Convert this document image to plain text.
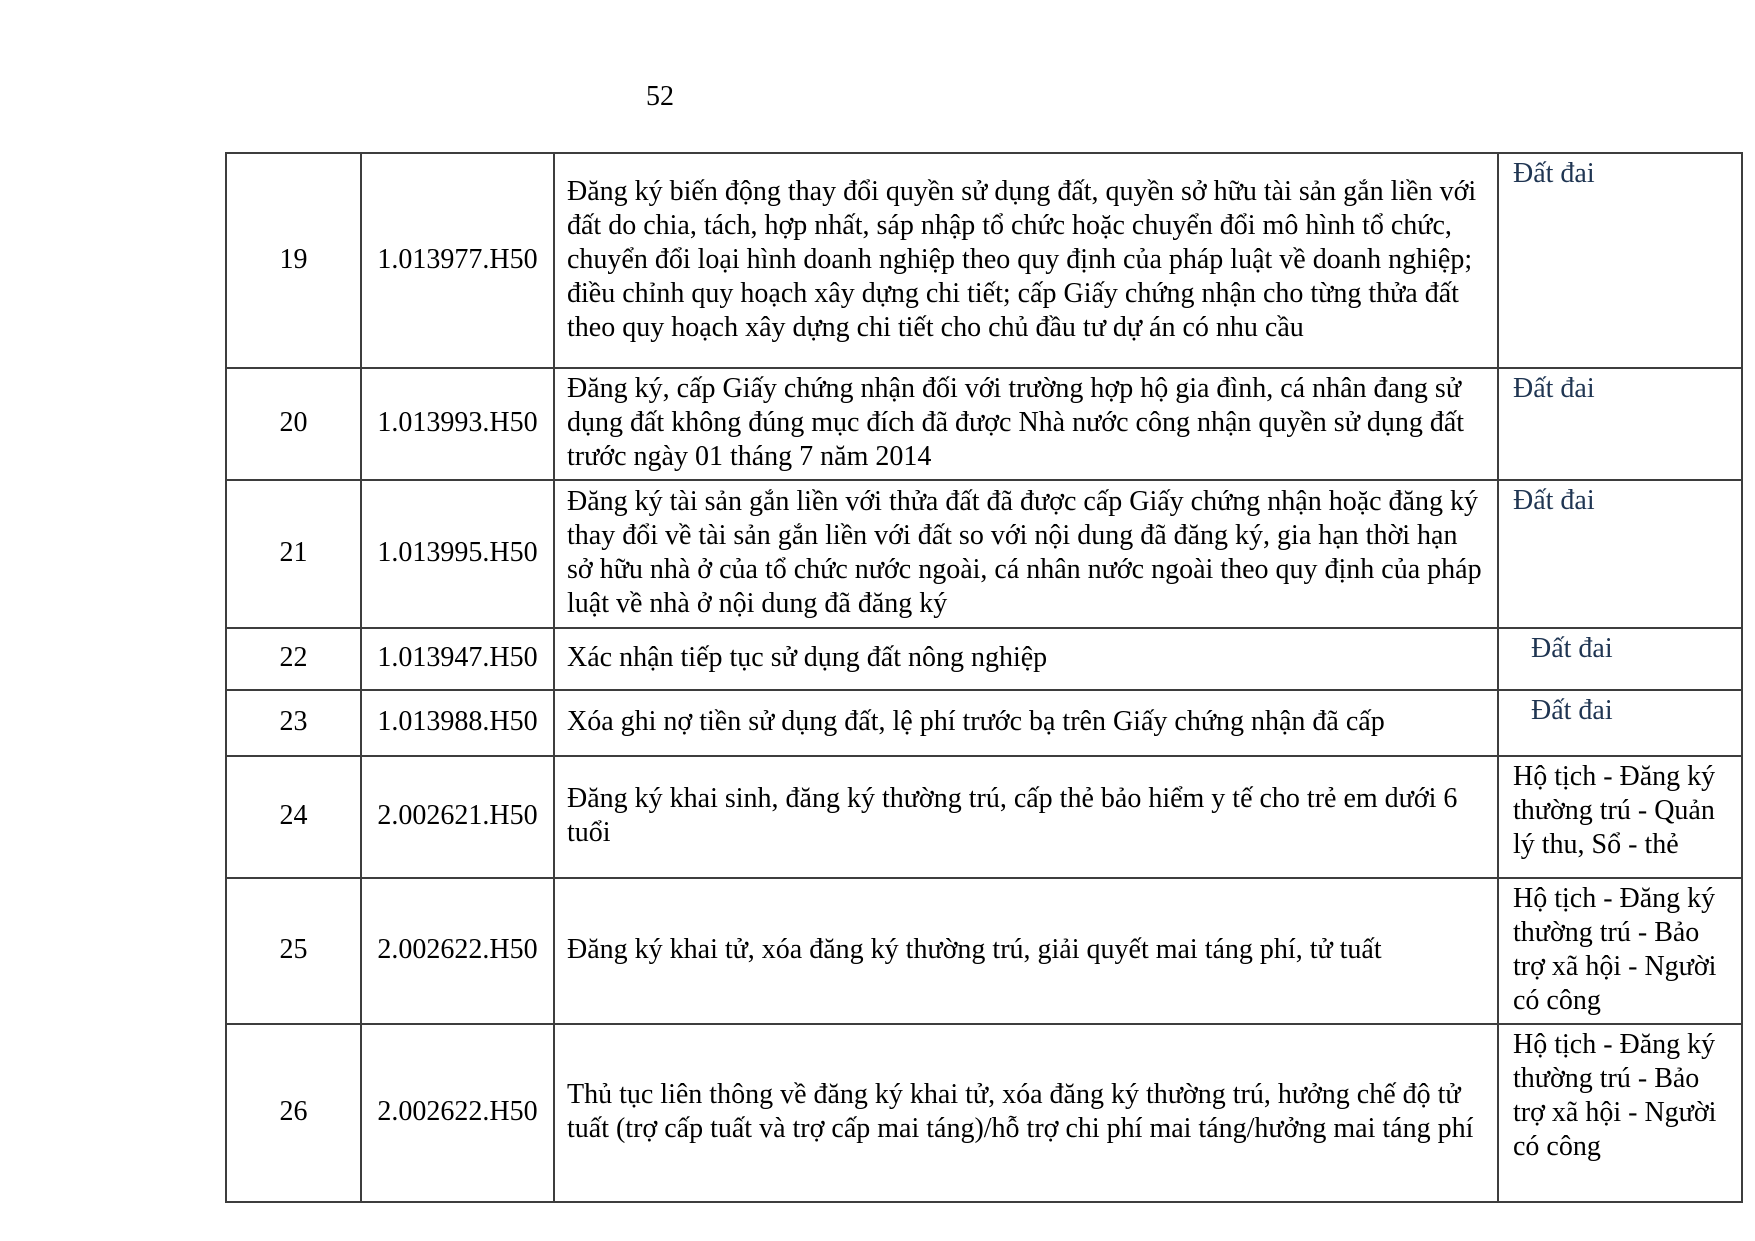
52
19	1.013977.H50	Đăng ký biến động thay đổi quyền sử dụng đất, quyền sở hữu tài sản gắn liền với đất do chia, tách, hợp nhất, sáp nhập tổ chức hoặc chuyển đổi mô hình tổ chức, chuyển đổi loại hình doanh nghiệp theo quy định của pháp luật về doanh nghiệp; điều chỉnh quy hoạch xây dựng chi tiết; cấp Giấy chứng nhận cho từng thửa đất theo quy hoạch xây dựng chi tiết cho chủ đầu tư dự án có nhu cầu	Đất đai
20	1.013993.H50	Đăng ký, cấp Giấy chứng nhận đối với trường hợp hộ gia đình, cá nhân đang sử dụng đất không đúng mục đích đã được Nhà nước công nhận quyền sử dụng đất trước ngày 01 tháng 7 năm 2014	Đất đai
21	1.013995.H50	Đăng ký tài sản gắn liền với thửa đất đã được cấp Giấy chứng nhận hoặc đăng ký thay đổi về tài sản gắn liền với đất so với nội dung đã đăng ký, gia hạn thời hạn sở hữu nhà ở của tổ chức nước ngoài, cá nhân nước ngoài theo quy định của pháp luật về nhà ở nội dung đã đăng ký	Đất đai
22	1.013947.H50	Xác nhận tiếp tục sử dụng đất nông nghiệp	Đất đai
23	1.013988.H50	Xóa ghi nợ tiền sử dụng đất, lệ phí trước bạ trên Giấy chứng nhận đã cấp	Đất đai
24	2.002621.H50	Đăng ký khai sinh, đăng ký thường trú, cấp thẻ bảo hiểm y tế cho trẻ em dưới 6 tuổi	Hộ tịch - Đăng ký thường trú - Quản lý thu, Sổ - thẻ
25	2.002622.H50	Đăng ký khai tử, xóa đăng ký thường trú, giải quyết mai táng phí, tử tuất	Hộ tịch - Đăng ký thường trú - Bảo trợ xã hội - Người có công
26	2.002622.H50	Thủ tục liên thông về đăng ký khai tử, xóa đăng ký thường trú, hưởng chế độ tử tuất (trợ cấp tuất và trợ cấp mai táng)/hỗ trợ chi phí mai táng/hưởng mai táng phí	Hộ tịch - Đăng ký thường trú - Bảo trợ xã hội - Người có công
